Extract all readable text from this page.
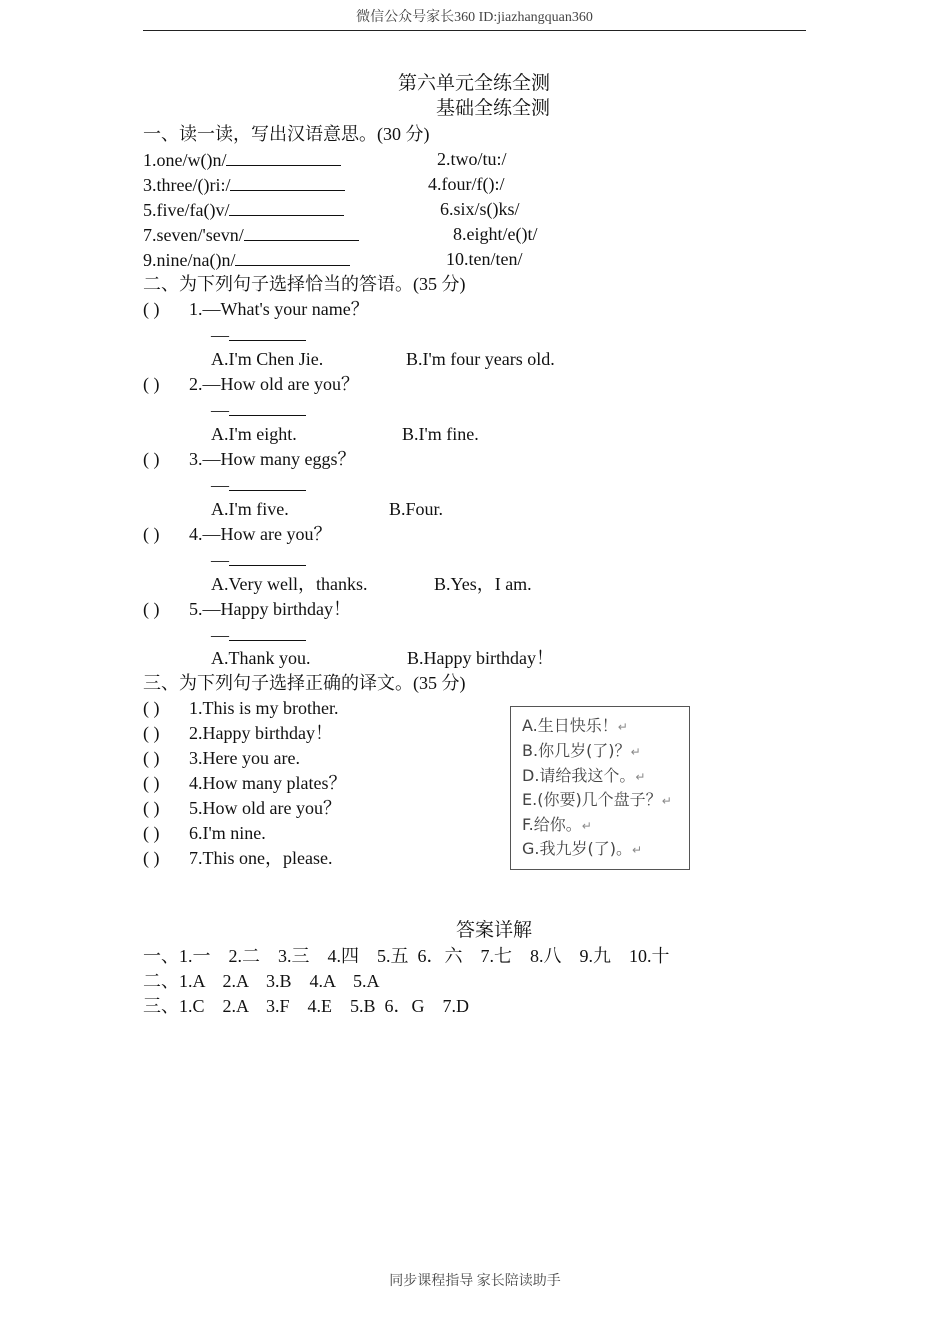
微信公众号家长360 ID:jiazhangquan360
第六单元全练全测
基础全练全测
一、读一读，写出汉语意思。(30 分)
1.one/w()n/	2.two/tu:/
3.three/()ri:/	4.four/f():/
5.five/fa()v/	6.six/s()ks/
7.seven/'sevn/	8.eight/e()t/
9.nine/na()n/	10.ten/ten/
二、为下列句子选择恰当的答语。(35 分)
( ) 1.—What's your name？
—
A.I'm Chen Jie.	B.I'm four years old.
( ) 2.—How old are you？
—
A.I'm eight.	B.I'm fine.
( ) 3.—How many eggs？
—
A.I'm five.	B.Four.
( ) 4.—How are you？
—
A.Very well，thanks.	B.Yes，I am.
( ) 5.—Happy birthday！
—
A.Thank you.	B.Happy birthday！
三、为下列句子选择正确的译文。(35 分)
( ) 1.This is my brother.
( ) 2.Happy birthday！
( ) 3.Here you are.
( ) 4.How many plates？
( ) 5.How old are you？
( ) 6.I'm nine.
( ) 7.This one，please.
A.生日快乐！↵
B.你几岁(了)？↵
D.请给我这个。↵
E.(你要)几个盘子？↵
F.给你。↵
G.我九岁(了)。↵
答案详解
一、1.一    2.二    3.三    4.四    5.五  6．六    7.七    8.八    9.九    10.十
二、1.A    2.A    3.B    4.A    5.A
三、1.C    2.A    3.F    4.E    5.B  6．G    7.D
同步课程指导 家长陪读助手
